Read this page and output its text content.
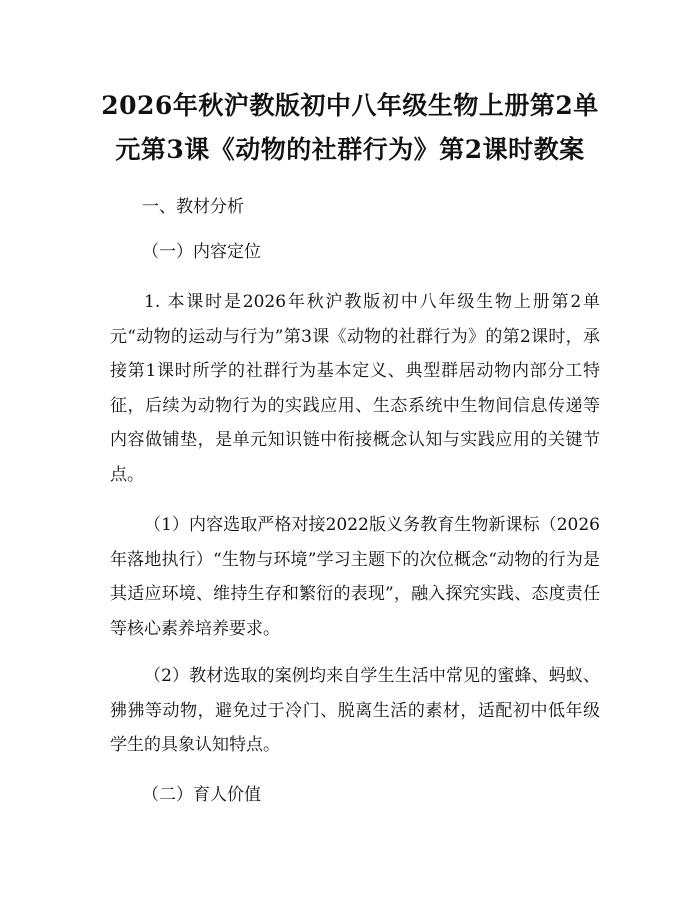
2026年秋沪教版初中八年级生物上册第2单元第3课《动物的社群行为》第2课时教案
一、教材分析
（一）内容定位
1. 本课时是2026年秋沪教版初中八年级生物上册第2单元“动物的运动与行为”第3课《动物的社群行为》的第2课时，承接第1课时所学的社群行为基本定义、典型群居动物内部分工特征，后续为动物行为的实践应用、生态系统中生物间信息传递等内容做铺垫，是单元知识链中衔接概念认知与实践应用的关键节点。
（1）内容选取严格对接2022版义务教育生物新课标（2026年落地执行）“生物与环境”学习主题下的次位概念“动物的行为是其适应环境、维持生存和繁衍的表现”，融入探究实践、态度责任等核心素养培养要求。
（2）教材选取的案例均来自学生生活中常见的蜜蜂、蚂蚁、狒狒等动物，避免过于冷门、脱离生活的素材，适配初中低年级学生的具象认知特点。
（二）育人价值
